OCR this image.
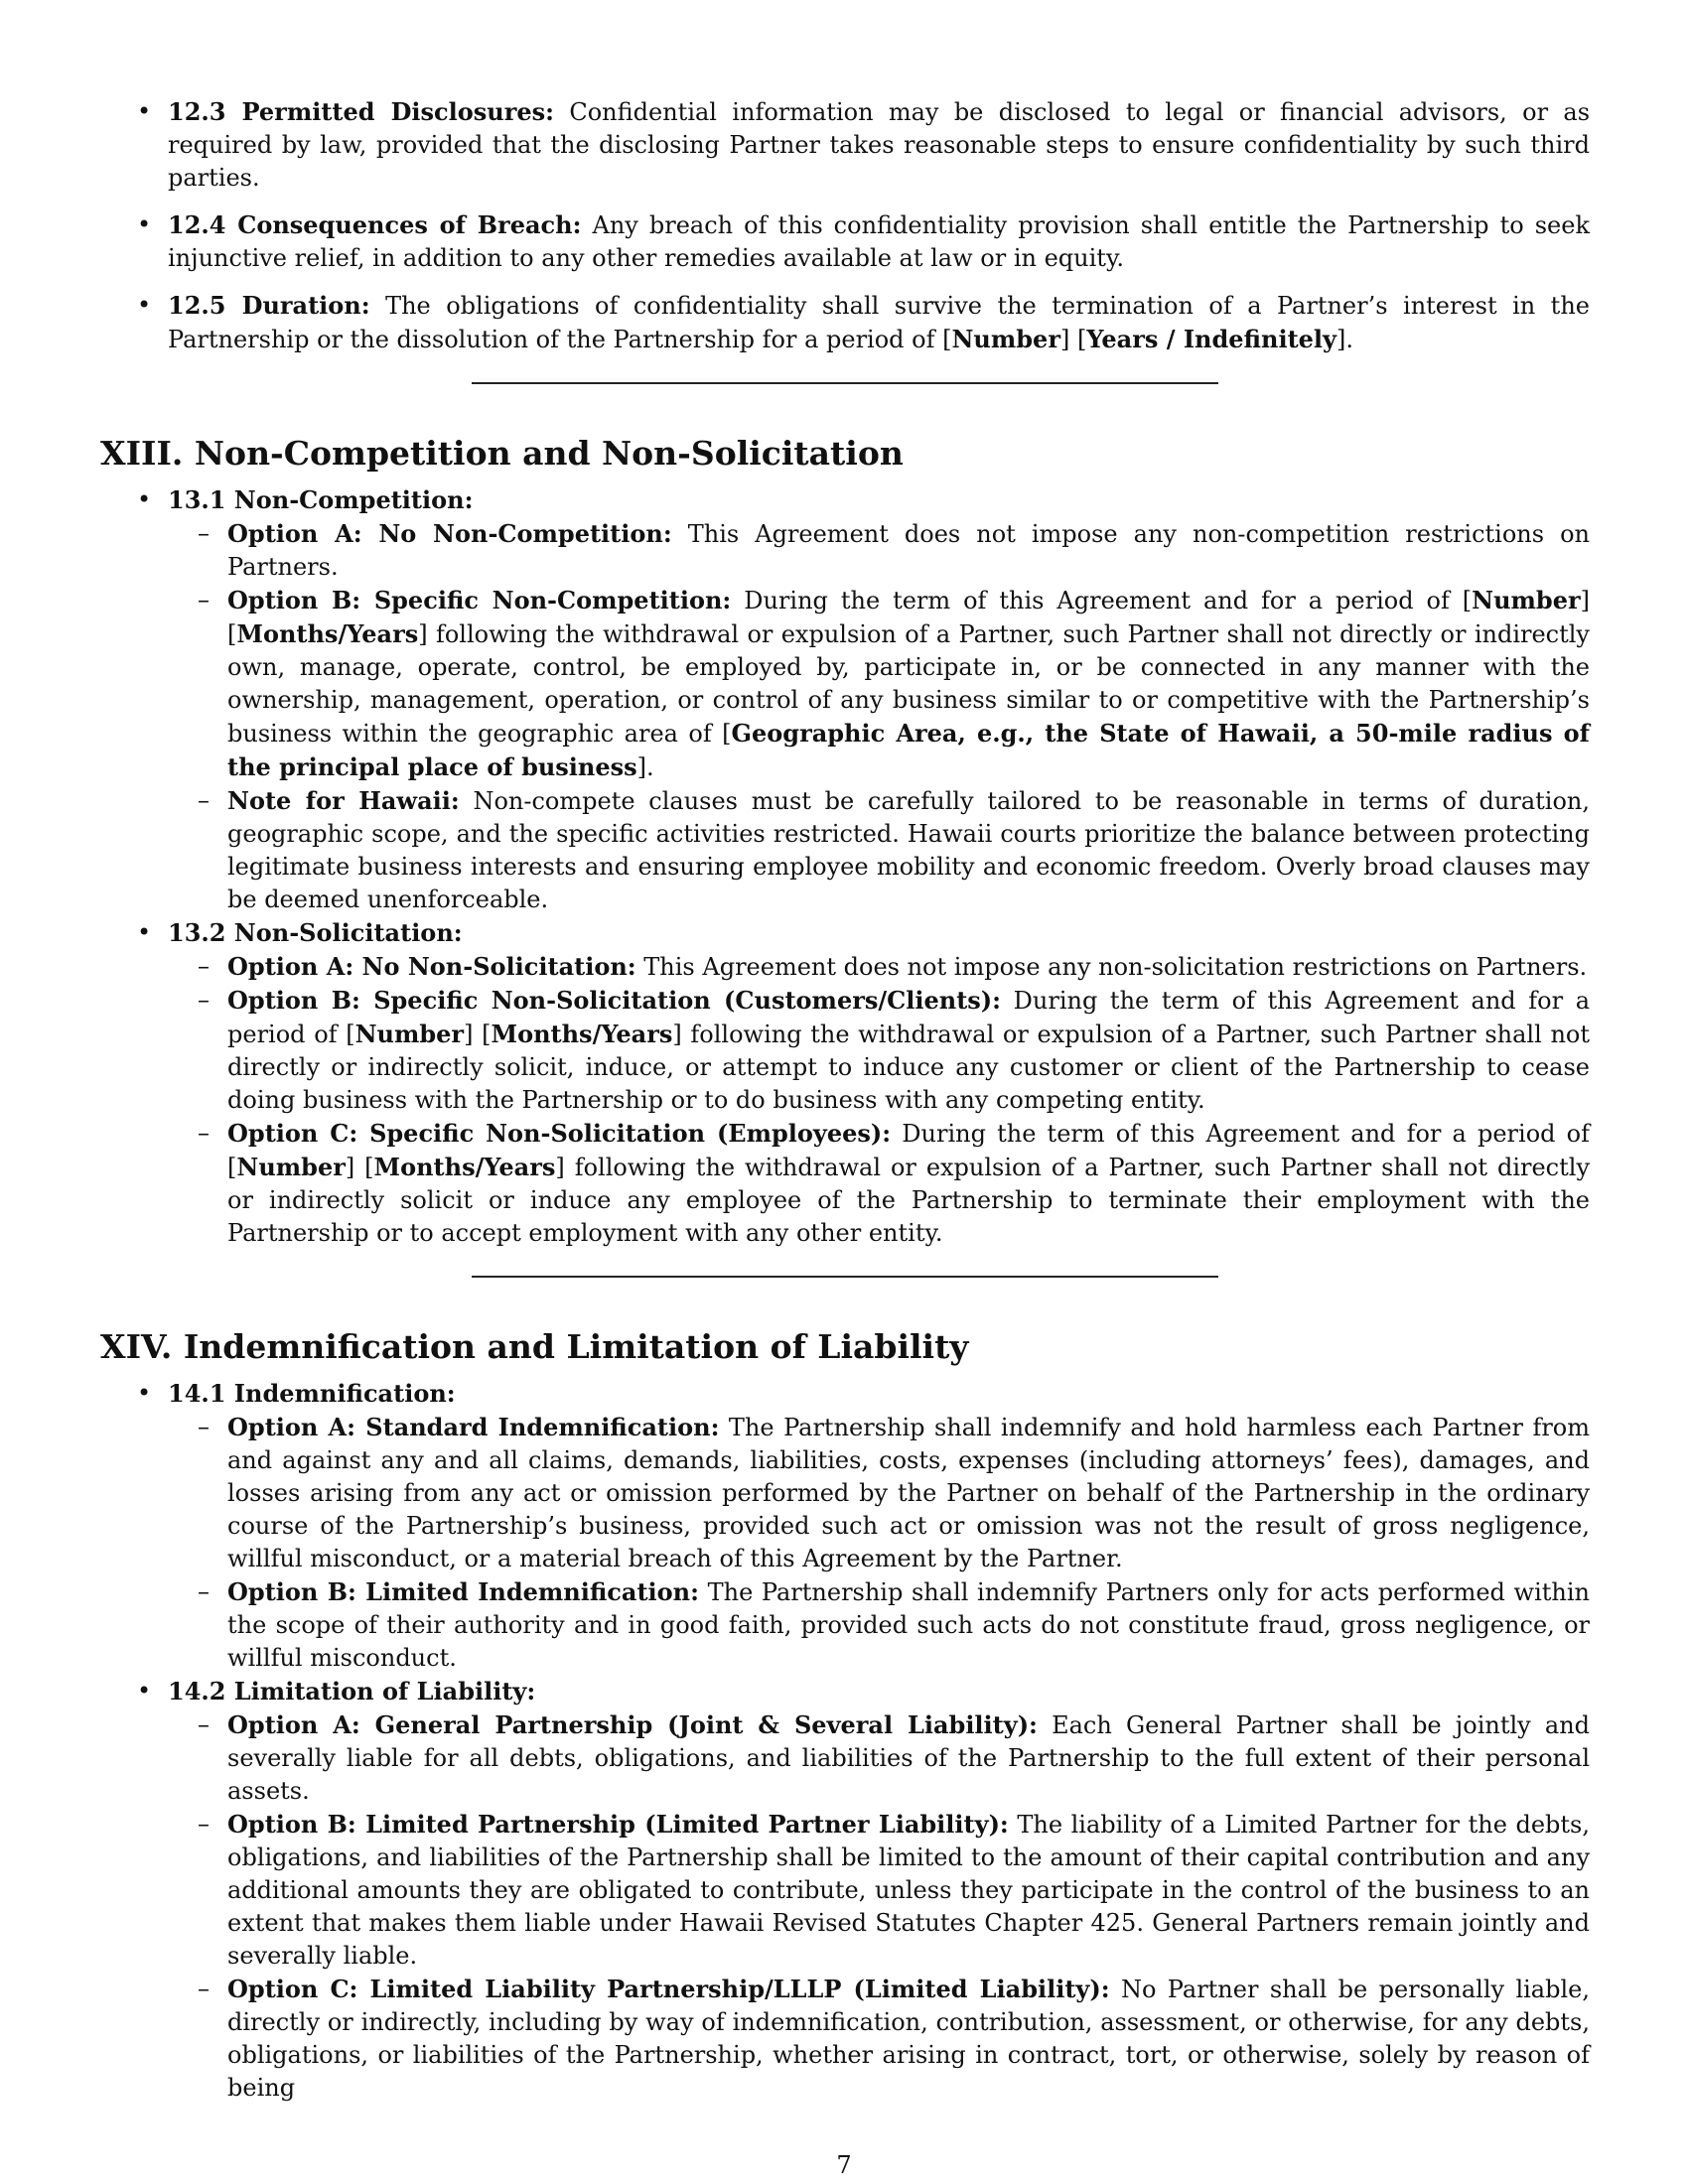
• 12.3 Permitted Disclosures: Confidential information may be disclosed to legal or financial advisors, or as required by law, provided that the disclosing Partner takes reasonable steps to ensure confidentiality by such third parties.
• 12.4 Consequences of Breach: Any breach of this confidentiality provision shall entitle the Partnership to seek injunctive relief, in addition to any other remedies available at law or in equity.
• 12.5 Duration: The obligations of confidentiality shall survive the termination of a Partner’s interest in the Partnership or the dissolution of the Partnership for a period of [Number] [Years / Indefinitely].
XIII. Non-Competition and Non-Solicitation
• 13.1 Non-Competition:
– Option A: No Non-Competition: This Agreement does not impose any non-competition restrictions on Partners.
– Option B: Specific Non-Competition: During the term of this Agreement and for a period of [Number] [Months/Years] following the withdrawal or expulsion of a Partner, such Partner shall not directly or indirectly own, manage, operate, control, be employed by, participate in, or be connected in any manner with the ownership, management, operation, or control of any business similar to or competitive with the Partnership’s business within the geographic area of [Geographic Area, e.g., the State of Hawaii, a 50-mile radius of the principal place of business].
– Note for Hawaii: Non-compete clauses must be carefully tailored to be reasonable in terms of duration, geographic scope, and the specific activities restricted. Hawaii courts prioritize the balance between protecting legitimate business interests and ensuring employee mobility and economic freedom. Overly broad clauses may be deemed unenforceable.
• 13.2 Non-Solicitation:
– Option A: No Non-Solicitation: This Agreement does not impose any non-solicitation restrictions on Partners.
– Option B: Specific Non-Solicitation (Customers/Clients): During the term of this Agreement and for a period of [Number] [Months/Years] following the withdrawal or expulsion of a Partner, such Partner shall not directly or indirectly solicit, induce, or attempt to induce any customer or client of the Partnership to cease doing business with the Partnership or to do business with any competing entity.
– Option C: Specific Non-Solicitation (Employees): During the term of this Agreement and for a period of [Number] [Months/Years] following the withdrawal or expulsion of a Partner, such Partner shall not directly or indirectly solicit or induce any employee of the Partnership to terminate their employment with the Partnership or to accept employment with any other entity.
XIV. Indemnification and Limitation of Liability
• 14.1 Indemnification:
– Option A: Standard Indemnification: The Partnership shall indemnify and hold harmless each Partner from and against any and all claims, demands, liabilities, costs, expenses (including attorneys’ fees), damages, and losses arising from any act or omission performed by the Partner on behalf of the Partnership in the ordinary course of the Partnership’s business, provided such act or omission was not the result of gross negligence, willful misconduct, or a material breach of this Agreement by the Partner.
– Option B: Limited Indemnification: The Partnership shall indemnify Partners only for acts performed within the scope of their authority and in good faith, provided such acts do not constitute fraud, gross negligence, or willful misconduct.
• 14.2 Limitation of Liability:
– Option A: General Partnership (Joint & Several Liability): Each General Partner shall be jointly and severally liable for all debts, obligations, and liabilities of the Partnership to the full extent of their personal assets.
– Option B: Limited Partnership (Limited Partner Liability): The liability of a Limited Partner for the debts, obligations, and liabilities of the Partnership shall be limited to the amount of their capital contribution and any additional amounts they are obligated to contribute, unless they participate in the control of the business to an extent that makes them liable under Hawaii Revised Statutes Chapter 425. General Partners remain jointly and severally liable.
– Option C: Limited Liability Partnership/LLLP (Limited Liability): No Partner shall be personally liable, directly or indirectly, including by way of indemnification, contribution, assessment, or otherwise, for any debts, obligations, or liabilities of the Partnership, whether arising in contract, tort, or otherwise, solely by reason of being
7
